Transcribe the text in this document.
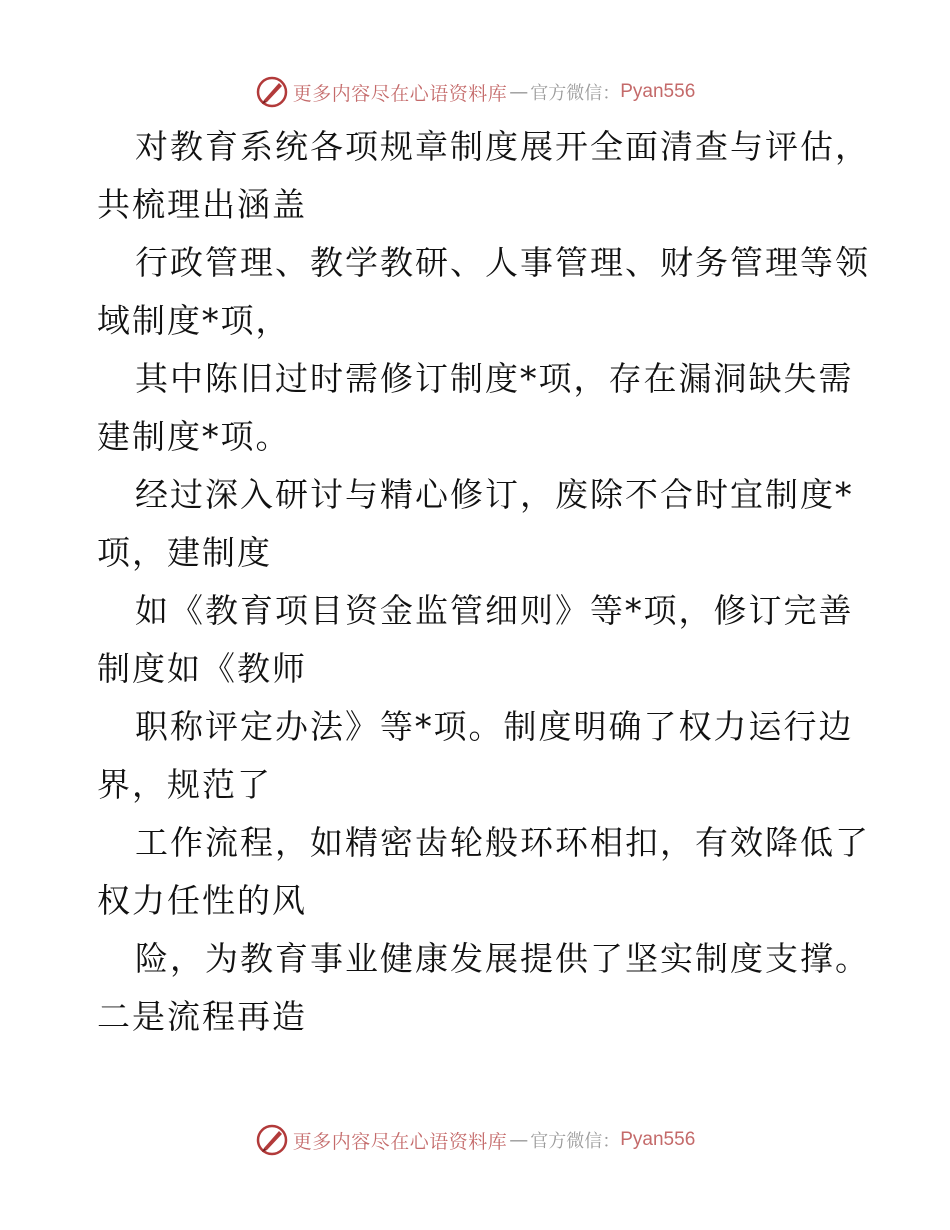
更多内容尽在心语资料库 — 官方微信： Pyan556
对教育系统各项规章制度展开全面清查与评估，
共梳理出涵盖
行政管理、教学教研、人事管理、财务管理等领
域制度*项，
其中陈旧过时需修订制度*项，存在漏洞缺失需
建制度*项。
经过深入研讨与精心修订，废除不合时宜制度*
项，建制度
如《教育项目资金监管细则》等*项，修订完善
制度如《教师
职称评定办法》等*项。制度明确了权力运行边
界，规范了
工作流程，如精密齿轮般环环相扣，有效降低了
权力任性的风
险，为教育事业健康发展提供了坚实制度支撑。
二是流程再造
更多内容尽在心语资料库 — 官方微信： Pyan556
